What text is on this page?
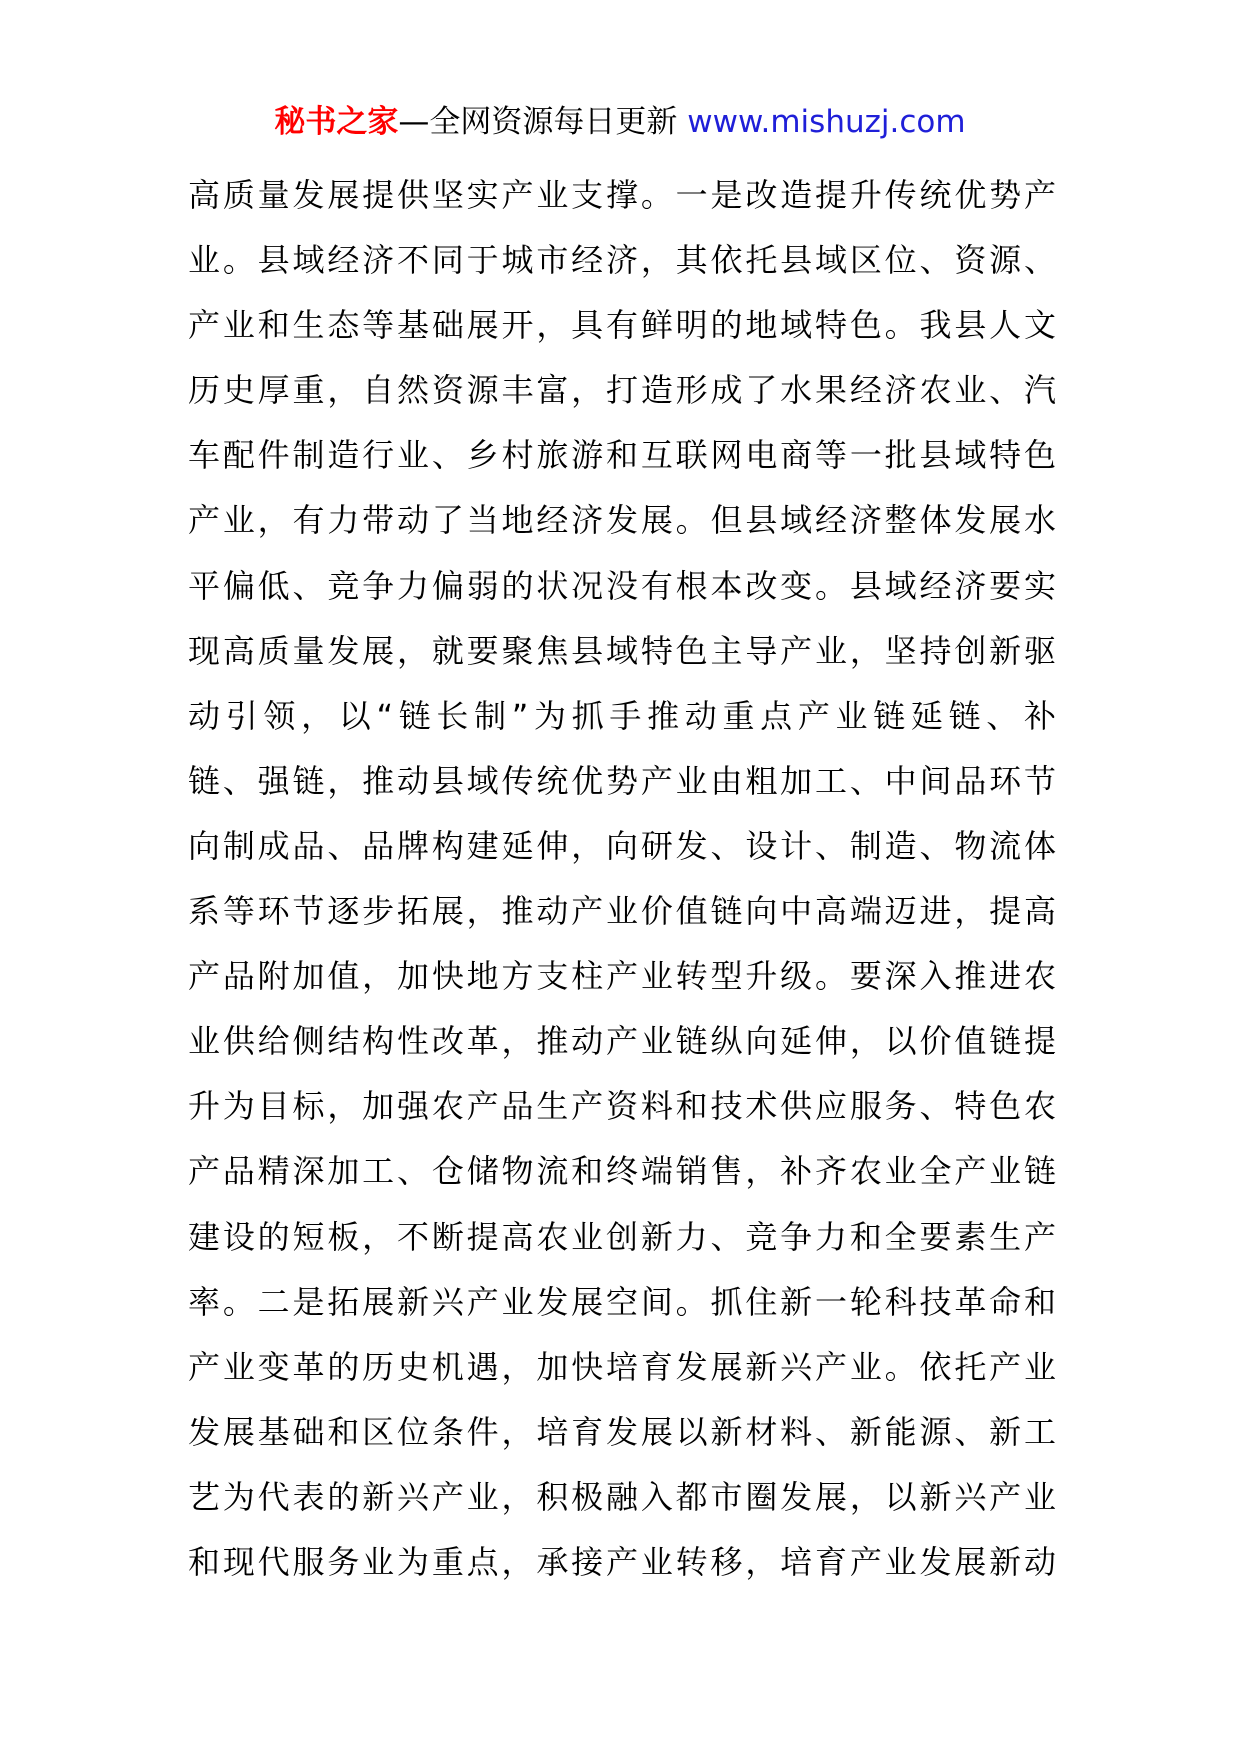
秘书之家—全网资源每日更新 www.mishuzj.com
高质量发展提供坚实产业支撑。一是改造提升传统优势产
业。县域经济不同于城市经济，其依托县域区位、资源、
产业和生态等基础展开，具有鲜明的地域特色。我县人文
历史厚重，自然资源丰富，打造形成了水果经济农业、汽
车配件制造行业、乡村旅游和互联网电商等一批县域特色
产业，有力带动了当地经济发展。但县域经济整体发展水
平偏低、竞争力偏弱的状况没有根本改变。县域经济要实
现高质量发展，就要聚焦县域特色主导产业，坚持创新驱
动引领，以“链长制”为抓手推动重点产业链延链、补
链、强链，推动县域传统优势产业由粗加工、中间品环节
向制成品、品牌构建延伸，向研发、设计、制造、物流体
系等环节逐步拓展，推动产业价值链向中高端迈进，提高
产品附加值，加快地方支柱产业转型升级。要深入推进农
业供给侧结构性改革，推动产业链纵向延伸，以价值链提
升为目标，加强农产品生产资料和技术供应服务、特色农
产品精深加工、仓储物流和终端销售，补齐农业全产业链
建设的短板，不断提高农业创新力、竞争力和全要素生产
率。二是拓展新兴产业发展空间。抓住新一轮科技革命和
产业变革的历史机遇，加快培育发展新兴产业。依托产业
发展基础和区位条件，培育发展以新材料、新能源、新工
艺为代表的新兴产业，积极融入都市圈发展，以新兴产业
和现代服务业为重点，承接产业转移，培育产业发展新动
